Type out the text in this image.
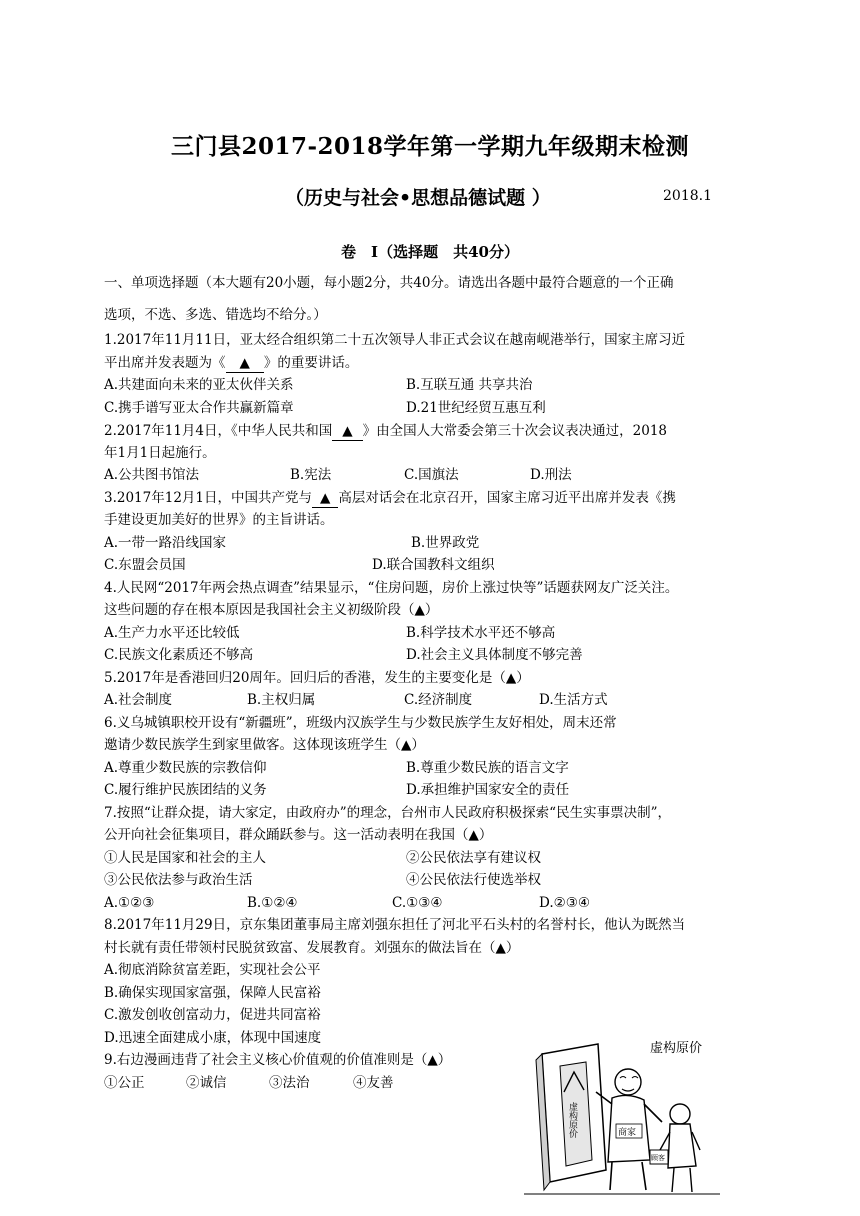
三门县2017-2018学年第一学期九年级期末检测
（历史与社会•思想品德试题 ）	2018.1
卷　Ⅰ（选择题　共40分）
一、单项选择题（本大题有20小题，每小题2分，共40分。请选出各题中最符合题意的一个正确
选项，不选、多选、错选均不给分。）
1.2017年11月11日，亚太经合组织第二十五次领导人非正式会议在越南岘港举行，国家主席习近
平出席并发表题为《 ▲ 》的重要讲话。
A.共建面向未来的亚太伙伴关系	B.互联互通 共享共治
C.携手谱写亚太合作共赢新篇章	D.21世纪经贸互惠互利
2.2017年11月4日，《中华人民共和国 ▲ 》由全国人大常委会第三十次会议表决通过，2018
年1月1日起施行。
A.公共图书馆法	B.宪法	C.国旗法	D.刑法
3.2017年12月1日，中国共产党与 ▲ 高层对话会在北京召开，国家主席习近平出席并发表《携
手建设更加美好的世界》的主旨讲话。
A.一带一路沿线国家	B.世界政党
C.东盟会员国	D.联合国教科文组织
4.人民网“2017年两会热点调查”结果显示，“住房问题，房价上涨过快等”话题获网友广泛关注。
这些问题的存在根本原因是我国社会主义初级阶段（▲）
A.生产力水平还比较低	B.科学技术水平还不够高
C.民族文化素质还不够高	D.社会主义具体制度不够完善
5.2017年是香港回归20周年。回归后的香港，发生的主要变化是（▲）
A.社会制度	B.主权归属	C.经济制度	D.生活方式
6.义乌城镇职校开设有“新疆班”，班级内汉族学生与少数民族学生友好相处，周末还常
邀请少数民族学生到家里做客。这体现该班学生（▲）
A.尊重少数民族的宗教信仰	B.尊重少数民族的语言文字
C.履行维护民族团结的义务	D.承担维护国家安全的责任
7.按照“让群众提，请大家定，由政府办”的理念，台州市人民政府积极探索“民生实事票决制”，
公开向社会征集项目，群众踊跃参与。这一活动表明在我国（▲）
①人民是国家和社会的主人	②公民依法享有建议权
③公民依法参与政治生活	④公民依法行使选举权
A.①②③	B.①②④	C.①③④	D.②③④
8.2017年11月29日，京东集团董事局主席刘强东担任了河北平石头村的名誉村长，他认为既然当
村长就有责任带领村民脱贫致富、发展教育。刘强东的做法旨在（▲）
A.彻底消除贫富差距，实现社会公平
B.确保实现国家富强，保障人民富裕
C.激发创收创富动力，促进共同富裕
D.迅速全面建成小康，体现中国速度
9.右边漫画违背了社会主义核心价值观的价值准则是（▲）
①公正	②诚信	③法治	④友善
虚构原价
虚构原价	商家
顾客
